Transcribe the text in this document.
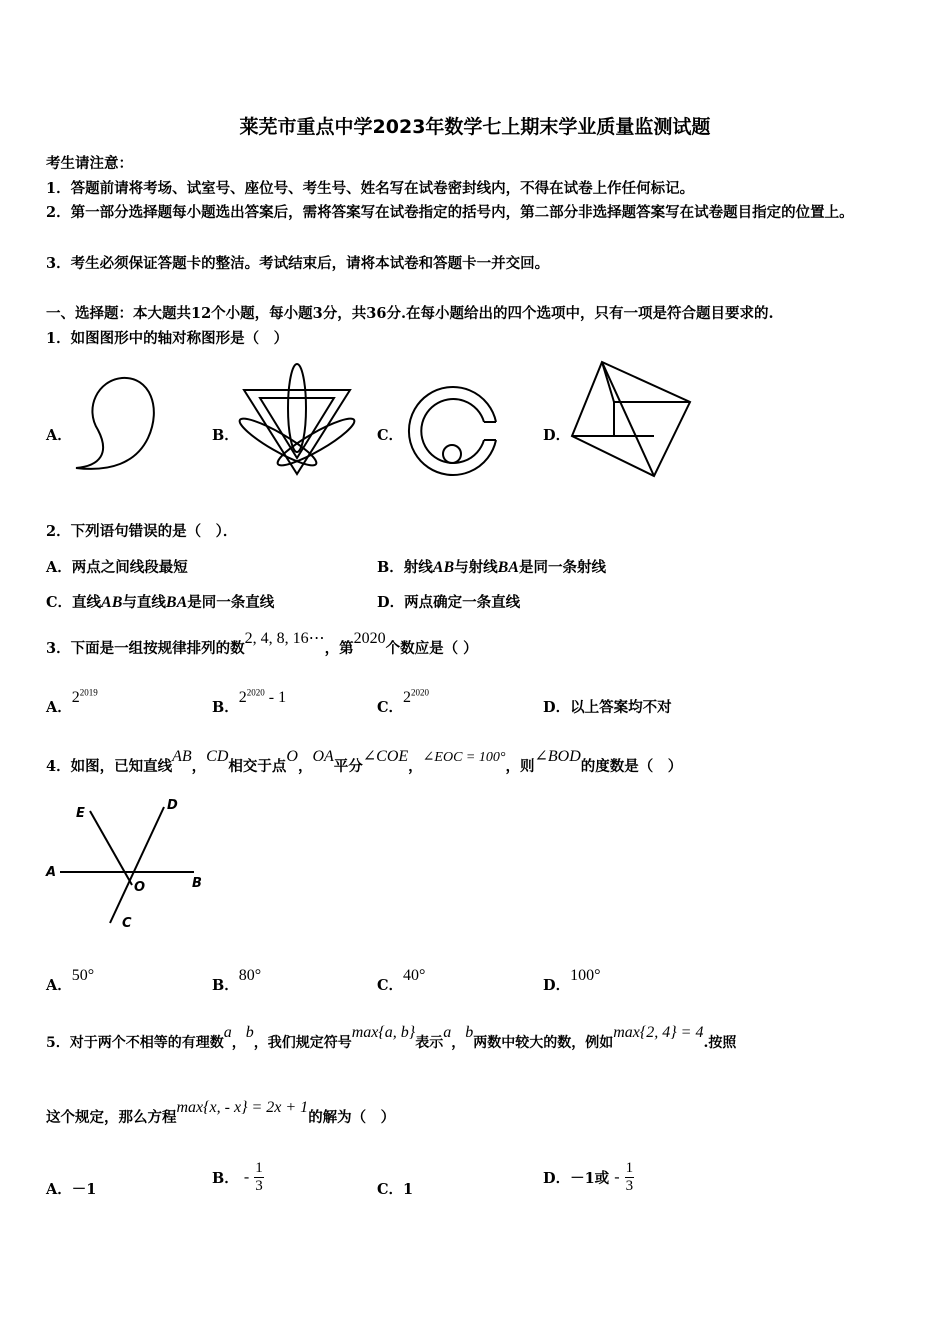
莱芜市重点中学2023年数学七上期末学业质量监测试题
考生请注意：
1．答题前请将考场、试室号、座位号、考生号、姓名写在试卷密封线内，不得在试卷上作任何标记。
2．第一部分选择题每小题选出答案后，需将答案写在试卷指定的括号内，第二部分非选择题答案写在试卷题目指定的位置上。
3．考生必须保证答题卡的整洁。考试结束后，请将本试卷和答题卡一并交回。
一、选择题：本大题共12个小题，每小题3分，共36分.在每小题给出的四个选项中，只有一项是符合题目要求的.
1．如图图形中的轴对称图形是（　）
A．	B．	C．	D．
2．下列语句错误的是（　）．
A．两点之间线段最短	B．射线AB与射线BA是同一条射线
C．直线AB与直线BA是同一条直线	D．两点确定一条直线
3．下面是一组按规律排列的数2, 4, 8, 16⋯，第2020个数应是（ ）
A．$2^{2019}$
B．$2^{2020} - 1$
C．$2^{2020}$
D．以上答案均不对
4．如图，已知直线AB，CD相交于点O，OA平分∠COE，∠EOC = 100°，则∠BOD的度数是（　）
E
D
A
O	B
C
A．50°
B．80°
C．40°
D．100°
5．对于两个不相等的有理数a，b，我们规定符号max{a, b}表示a，b两数中较大的数，例如max{2, 4} = 4.按照
这个规定，那么方程max{x, - x} = 2x + 1的解为（　）
A．－1
B． - $\frac{1}{3}$	C．1
D．－1或 - $\frac{1}{3}$
